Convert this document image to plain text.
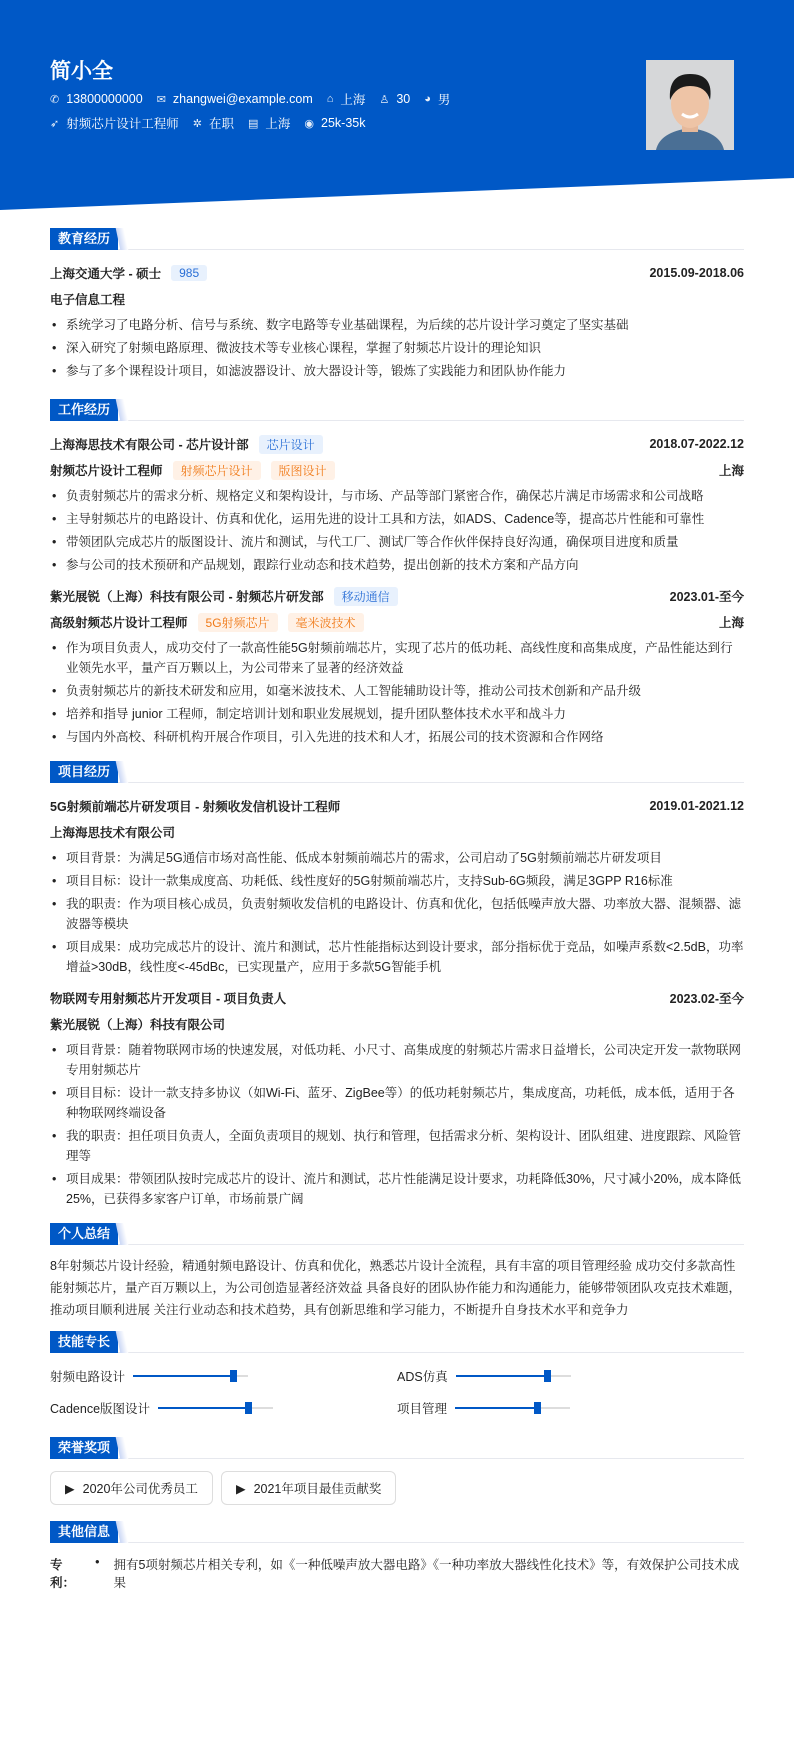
简小全
✆ 13800000000 ✉ zhangwei@example.com ⌂ 上海 ♙ 30 ◕ 男
➶ 射频芯片设计工程师 ✲ 在职 ▤ 上海 ◉ 25k-35k
教育经历
上海交通大学 - 硕士	985	2015.09-2018.06
电子信息工程
• 系统学习了电路分析、信号与系统、数字电路等专业基础课程，为后续的芯片设计学习奠定了坚实基础
• 深入研究了射频电路原理、微波技术等专业核心课程，掌握了射频芯片设计的理论知识
• 参与了多个课程设计项目，如滤波器设计、放大器设计等，锻炼了实践能力和团队协作能力
工作经历
上海海思技术有限公司 - 芯片设计部	芯片设计	2018.07-2022.12
射频芯片设计工程师	射频芯片设计	版图设计	上海
• 负责射频芯片的需求分析、规格定义和架构设计，与市场、产品等部门紧密合作，确保芯片满足市场需求和公司战略
• 主导射频芯片的电路设计、仿真和优化，运用先进的设计工具和方法，如ADS、Cadence等，提高芯片性能和可靠性
• 带领团队完成芯片的版图设计、流片和测试，与代工厂、测试厂等合作伙伴保持良好沟通，确保项目进度和质量
• 参与公司的技术预研和产品规划，跟踪行业动态和技术趋势，提出创新的技术方案和产品方向
紫光展锐（上海）科技有限公司 - 射频芯片研发部	移动通信	2023.01-至今
高级射频芯片设计工程师	5G射频芯片	毫米波技术	上海
• 作为项目负责人，成功交付了一款高性能5G射频前端芯片，实现了芯片的低功耗、高线性度和高集成度，产品性能达到行业领先水平，量产百万颗以上，为公司带来了显著的经济效益
• 负责射频芯片的新技术研发和应用，如毫米波技术、人工智能辅助设计等，推动公司技术创新和产品升级
• 培养和指导 junior 工程师，制定培训计划和职业发展规划，提升团队整体技术水平和战斗力
• 与国内外高校、科研机构开展合作项目，引入先进的技术和人才，拓展公司的技术资源和合作网络
项目经历
5G射频前端芯片研发项目 - 射频收发信机设计工程师	2019.01-2021.12
上海海思技术有限公司
• 项目背景：为满足5G通信市场对高性能、低成本射频前端芯片的需求，公司启动了5G射频前端芯片研发项目
• 项目目标：设计一款集成度高、功耗低、线性度好的5G射频前端芯片，支持Sub-6G频段，满足3GPP R16标准
• 我的职责：作为项目核心成员，负责射频收发信机的电路设计、仿真和优化，包括低噪声放大器、功率放大器、混频器、滤波器等模块
• 项目成果：成功完成芯片的设计、流片和测试，芯片性能指标达到设计要求，部分指标优于竞品，如噪声系数<2.5dB，功率增益>30dB，线性度<-45dBc，已实现量产，应用于多款5G智能手机
物联网专用射频芯片开发项目 - 项目负责人	2023.02-至今
紫光展锐（上海）科技有限公司
• 项目背景：随着物联网市场的快速发展，对低功耗、小尺寸、高集成度的射频芯片需求日益增长，公司决定开发一款物联网专用射频芯片
• 项目目标：设计一款支持多协议（如Wi-Fi、蓝牙、ZigBee等）的低功耗射频芯片，集成度高，功耗低，成本低，适用于各种物联网终端设备
• 我的职责：担任项目负责人，全面负责项目的规划、执行和管理，包括需求分析、架构设计、团队组建、进度跟踪、风险管理等
• 项目成果：带领团队按时完成芯片的设计、流片和测试，芯片性能满足设计要求，功耗降低30%，尺寸减小20%，成本降低25%，已获得多家客户订单，市场前景广阔
个人总结
8年射频芯片设计经验，精通射频电路设计、仿真和优化，熟悉芯片设计全流程，具有丰富的项目管理经验 成功交付多款高性能射频芯片，量产百万颗以上，为公司创造显著经济效益 具备良好的团队协作能力和沟通能力，能够带领团队攻克技术难题，推动项目顺利进展 关注行业动态和技术趋势，具有创新思维和学习能力，不断提升自身技术水平和竞争力
技能专长
射频电路设计	ADS仿真
Cadence版图设计	项目管理
荣誉奖项
▶ 2020年公司优秀员工	▶ 2021年项目最佳贡献奖
其他信息
专利：
• 拥有5项射频芯片相关专利，如《一种低噪声放大器电路》《一种功率放大器线性化技术》等，有效保护公司技术成果
